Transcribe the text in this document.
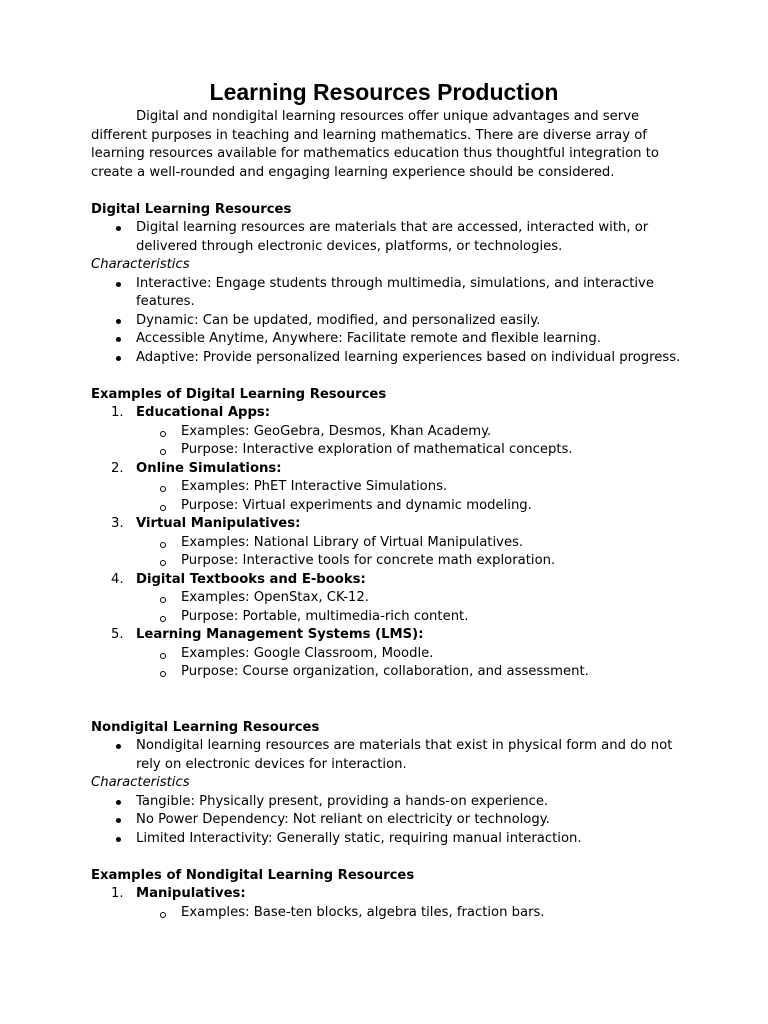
Learning Resources Production

Digital and nondigital learning resources offer unique advantages and serve different purposes in teaching and learning mathematics. There are diverse array of learning resources available for mathematics education thus thoughtful integration to create a well-rounded and engaging learning experience should be considered.

Digital Learning Resources

Digital learning resources are materials that are accessed, interacted with, or delivered through electronic devices, platforms, or technologies.

Characteristics

Interactive: Engage students through multimedia, simulations, and interactive features.
Dynamic: Can be updated, modified, and personalized easily.
Accessible Anytime, Anywhere: Facilitate remote and flexible learning.
Adaptive: Provide personalized learning experiences based on individual progress.

Examples of Digital Learning Resources

1. Educational Apps:
Examples: GeoGebra, Desmos, Khan Academy.
Purpose: Interactive exploration of mathematical concepts.
2. Online Simulations:
Examples: PhET Interactive Simulations.
Purpose: Virtual experiments and dynamic modeling.
3. Virtual Manipulatives:
Examples: National Library of Virtual Manipulatives.
Purpose: Interactive tools for concrete math exploration.
4. Digital Textbooks and E-books:
Examples: OpenStax, CK-12.
Purpose: Portable, multimedia-rich content.
5. Learning Management Systems (LMS):
Examples: Google Classroom, Moodle.
Purpose: Course organization, collaboration, and assessment.

Nondigital Learning Resources

Nondigital learning resources are materials that exist in physical form and do not rely on electronic devices for interaction.

Characteristics

Tangible: Physically present, providing a hands-on experience.
No Power Dependency: Not reliant on electricity or technology.
Limited Interactivity: Generally static, requiring manual interaction.

Examples of Nondigital Learning Resources

1. Manipulatives:
Examples: Base-ten blocks, algebra tiles, fraction bars.
